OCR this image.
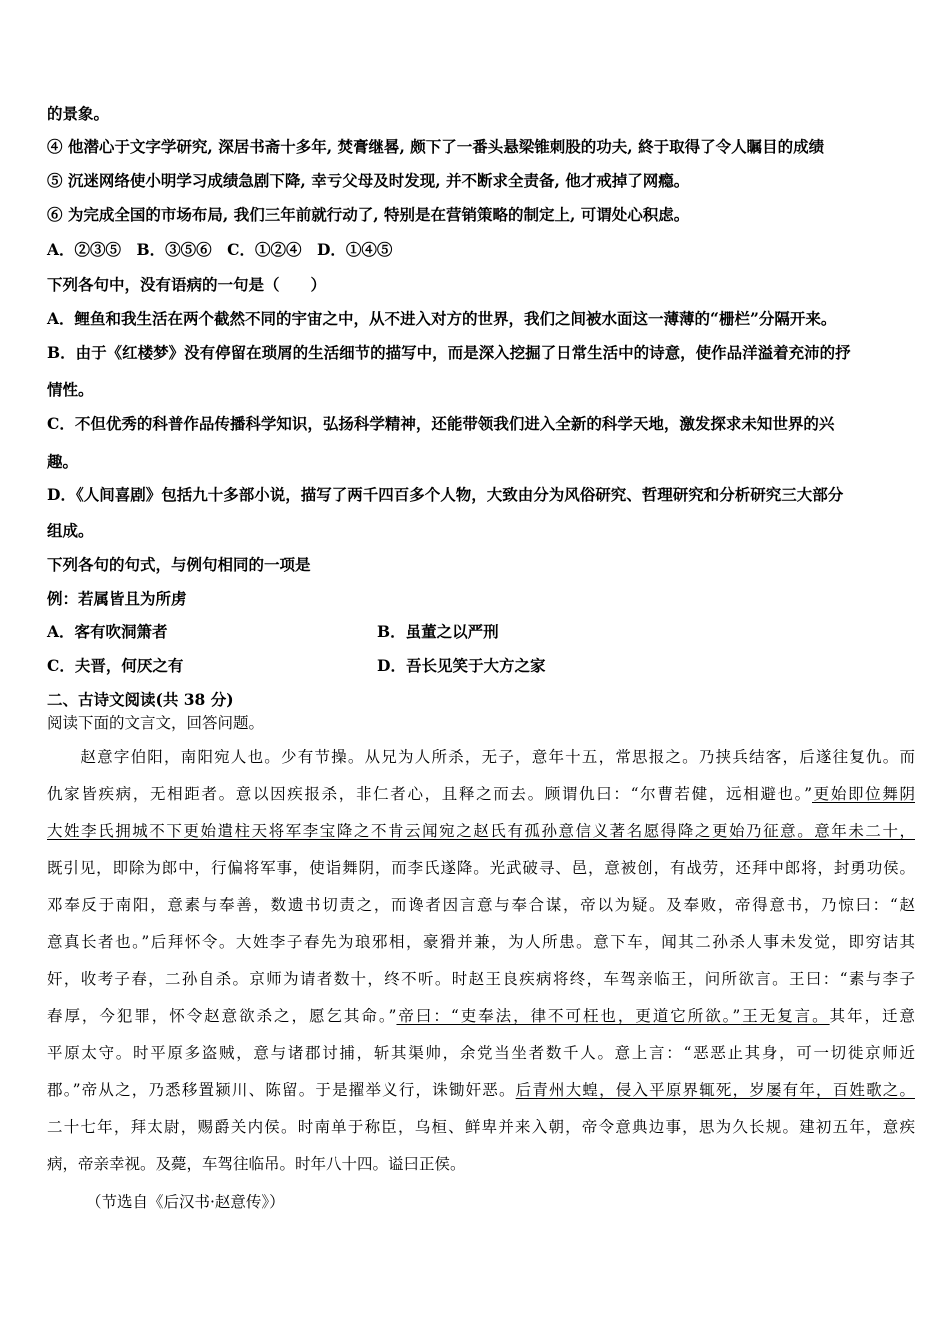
的景象。
④ 他潜心于文字学研究, 深居书斋十多年, 焚膏继晷, 颇下了一番头悬梁锥刺股的功夫, 終于取得了令人瞩目的成绩
⑤ 沉迷网络使小明学习成绩急剧下降, 幸亏父母及时发现, 并不断求全责备, 他才戒掉了网瘾。
⑥ 为完成全国的市场布局, 我们三年前就行动了, 特别是在营销策略的制定上, 可谓处心积虑。
A．②③⑤　B．③⑤⑥　C．①②④　D．①④⑤
下列各句中，没有语病的一句是（　　）
A．鲤鱼和我生活在两个截然不同的宇宙之中，从不进入对方的世界，我们之间被水面这一薄薄的“栅栏”分隔开来。
B．由于《红楼梦》没有停留在琐屑的生活细节的描写中，而是深入挖掘了日常生活中的诗意，使作品洋溢着充沛的抒
情性。
C．不但优秀的科普作品传播科学知识，弘扬科学精神，还能带领我们进入全新的科学天地，激发探求未知世界的兴
趣。
D．《人间喜剧》包括九十多部小说，描写了两千四百多个人物，大致由分为风俗研究、哲理研究和分析研究三大部分
组成。
下列各句的句式，与例句相同的一项是
例：若属皆且为所虏
A．客有吹洞箫者	B．虽董之以严刑
C．夫晋，何厌之有	D．吾长见笑于大方之家
二、古诗文阅读(共 38 分)
阅读下面的文言文，回答问题。
　　赵意字伯阳，南阳宛人也。少有节操。从兄为人所杀，无子，意年十五，常思报之。乃挟兵结客，后遂往复仇。而
仇家皆疾病，无相距者。意以因疾报杀，非仁者心，且释之而去。顾谓仇曰：“尔曹若健，远相避也。”更始即位舞阴
大姓李氏拥城不下更始遣柱天将军李宝降之不肯云闻宛之赵氏有孤孙意信义著名愿得降之更始乃征意。意年未二十，
既引见，即除为郎中，行偏将军事，使诣舞阴，而李氏遂降。光武破寻、邑，意被创，有战劳，还拜中郎将，封勇功侯。
邓奉反于南阳，意素与奉善，数遗书切责之，而谗者因言意与奉合谋，帝以为疑。及奉败，帝得意书，乃惊曰：“赵
意真长者也。”后拜怀令。大姓李子春先为琅邪相，豪猾并兼，为人所患。意下车，闻其二孙杀人事未发觉，即穷诘其
奸，收考子春，二孙自杀。京师为请者数十，终不听。时赵王良疾病将终，车驾亲临王，问所欲言。王曰：“素与李子
春厚，今犯罪，怀令赵意欲杀之，愿乞其命。”帝曰：“吏奉法，律不可枉也，更道它所欲。”王无复言。其年，迁意
平原太守。时平原多盗贼，意与诸郡讨捕，斩其渠帅，余党当坐者数千人。意上言：“恶恶止其身，可一切徙京师近
郡。”帝从之，乃悉移置颍川、陈留。于是擢举义行，诛锄奸恶。后青州大蝗，侵入平原界辄死，岁屡有年，百姓歌之。
二十七年，拜太尉，赐爵关内侯。时南单于称臣，乌桓、鲜卑并来入朝，帝令意典边事，思为久长规。建初五年，意疾
病，帝亲幸视。及薨，车驾往临吊。时年八十四。谥曰正侯。
（节选自《后汉书·赵意传》）
